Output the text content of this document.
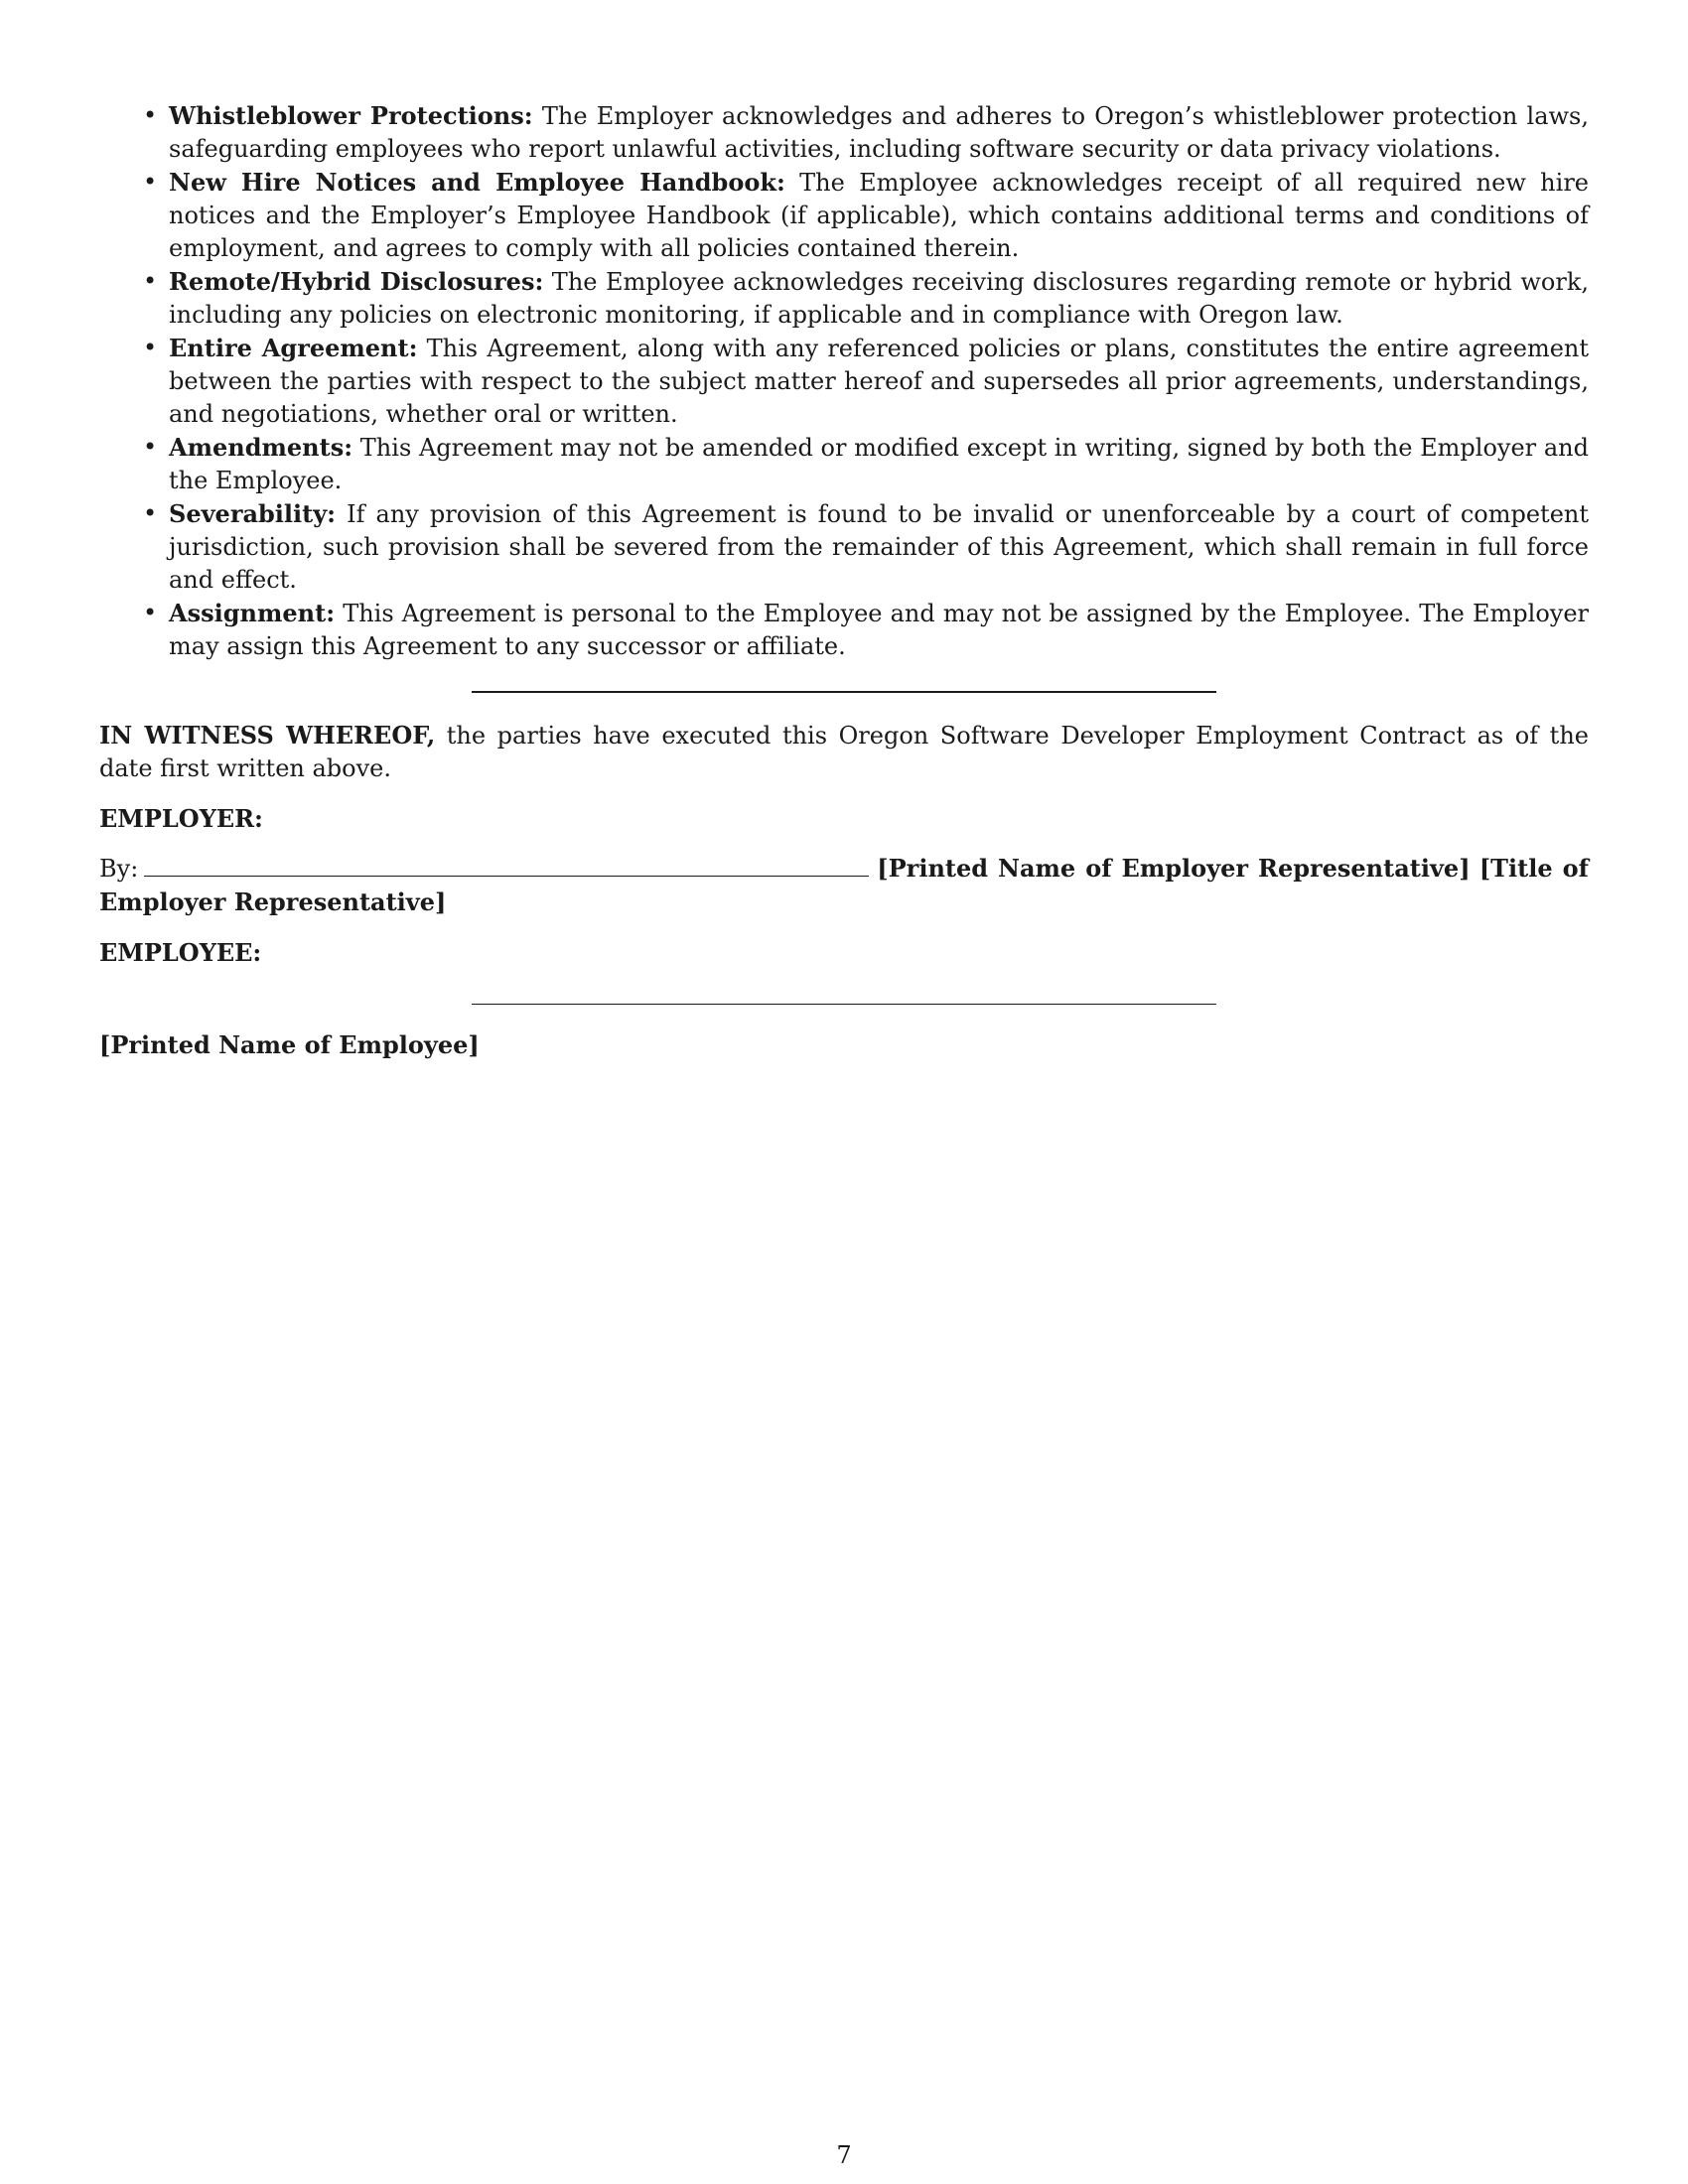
• Whistleblower Protections: The Employer acknowledges and adheres to Oregon’s whistleblower protection laws, safeguarding employees who report unlawful activities, including software security or data privacy violations.
• New Hire Notices and Employee Handbook: The Employee acknowledges receipt of all required new hire notices and the Employer’s Employee Handbook (if applicable), which contains additional terms and conditions of employment, and agrees to comply with all policies contained therein.
• Remote/Hybrid Disclosures: The Employee acknowledges receiving disclosures regarding remote or hybrid work, including any policies on electronic monitoring, if applicable and in compliance with Oregon law.
• Entire Agreement: This Agreement, along with any referenced policies or plans, constitutes the entire agreement between the parties with respect to the subject matter hereof and supersedes all prior agreements, understandings, and negotiations, whether oral or written.
• Amendments: This Agreement may not be amended or modified except in writing, signed by both the Employer and the Employee.
• Severability: If any provision of this Agreement is found to be invalid or unenforceable by a court of competent jurisdiction, such provision shall be severed from the remainder of this Agreement, which shall remain in full force and effect.
• Assignment: This Agreement is personal to the Employee and may not be assigned by the Employee. The Employer may assign this Agreement to any successor or affiliate.

IN WITNESS WHEREOF, the parties have executed this Oregon Software Developer Employment Contract as of the date first written above.

EMPLOYER:

By:	[Printed Name of Employer Representative] [Title of Employer Representative]

EMPLOYEE:

[Printed Name of Employee]

7
